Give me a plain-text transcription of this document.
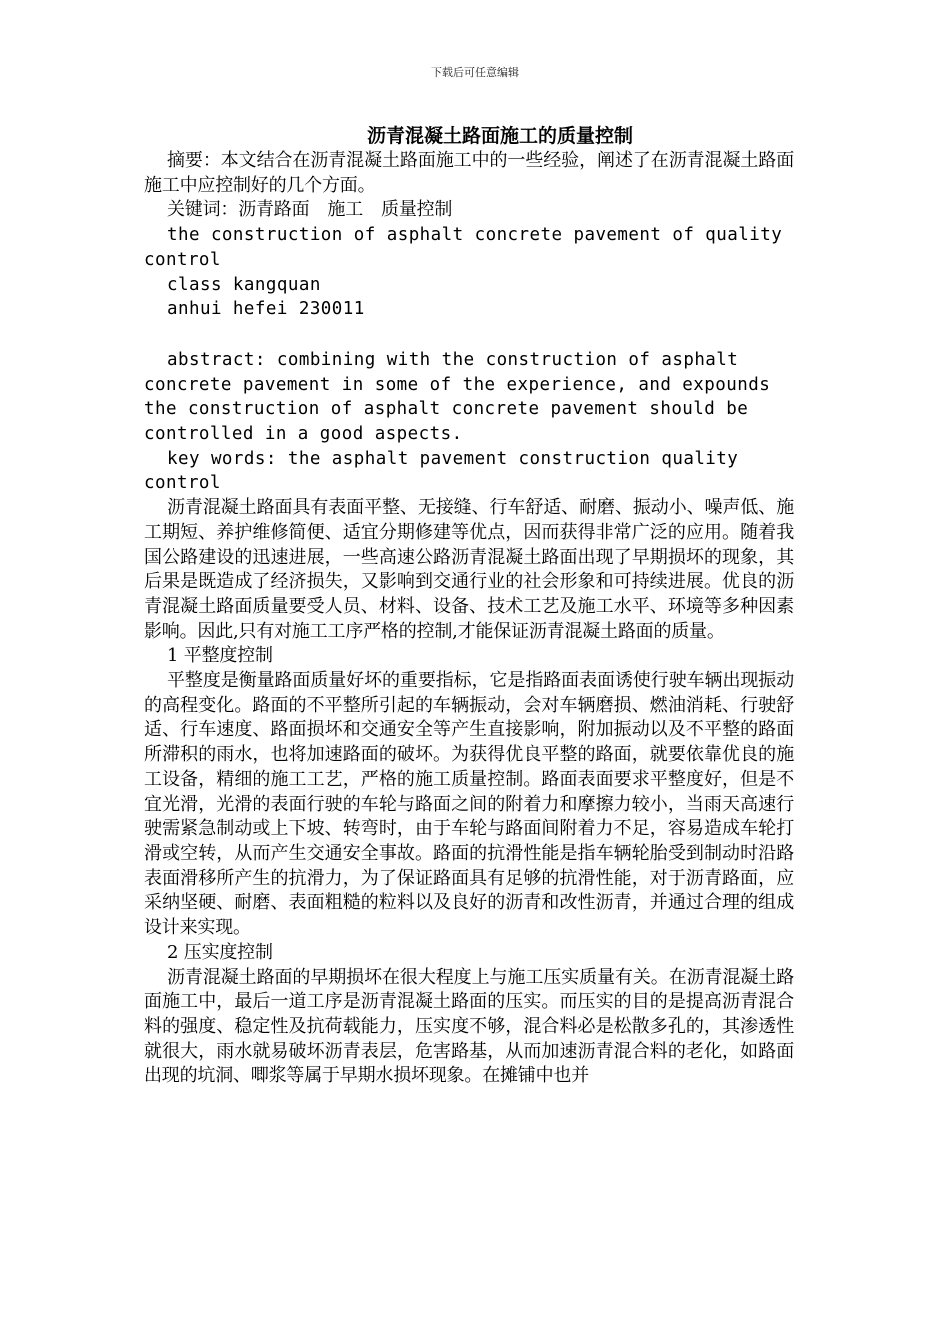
下载后可任意编辑
沥青混凝土路面施工的质量控制

摘要：本文结合在沥青混凝土路面施工中的一些经验，阐述了在沥青混凝土路面施工中应控制好的几个方面。

关键词：沥青路面 施工 质量控制

the construction of asphalt concrete pavement of quality control

class kangquan

anhui hefei 230011

abstract: combining with the construction of asphalt concrete pavement in some of the experience, and expounds the construction of asphalt concrete pavement should be controlled in a good aspects.

key words: the asphalt pavement construction quality control

沥青混凝土路面具有表面平整、无接缝、行车舒适、耐磨、振动小、噪声低、施工期短、养护维修简便、适宜分期修建等优点，因而获得非常广泛的应用。随着我国公路建设的迅速进展，一些高速公路沥青混凝土路面出现了早期损坏的现象，其后果是既造成了经济损失，又影响到交通行业的社会形象和可持续进展。优良的沥青混凝土路面质量要受人员、材料、设备、技术工艺及施工水平、环境等多种因素影响。因此,只有对施工工序严格的控制,才能保证沥青混凝土路面的质量。

1 平整度控制

平整度是衡量路面质量好坏的重要指标，它是指路面表面诱使行驶车辆出现振动的高程变化。路面的不平整所引起的车辆振动，会对车辆磨损、燃油消耗、行驶舒适、行车速度、路面损坏和交通安全等产生直接影响，附加振动以及不平整的路面所滞积的雨水，也将加速路面的破坏。为获得优良平整的路面，就要依靠优良的施工设备，精细的施工工艺，严格的施工质量控制。路面表面要求平整度好，但是不宜光滑，光滑的表面行驶的车轮与路面之间的附着力和摩擦力较小，当雨天高速行驶需紧急制动或上下坡、转弯时，由于车轮与路面间附着力不足，容易造成车轮打滑或空转，从而产生交通安全事故。路面的抗滑性能是指车辆轮胎受到制动时沿路表面滑移所产生的抗滑力，为了保证路面具有足够的抗滑性能，对于沥青路面，应采纳坚硬、耐磨、表面粗糙的粒料以及良好的沥青和改性沥青，并通过合理的组成设计来实现。

2 压实度控制

沥青混凝土路面的早期损坏在很大程度上与施工压实质量有关。在沥青混凝土路面施工中，最后一道工序是沥青混凝土路面的压实。而压实的目的是提高沥青混合料的强度、稳定性及抗荷载能力，压实度不够，混合料必是松散多孔的，其渗透性就很大，雨水就易破坏沥青表层，危害路基，从而加速沥青混合料的老化，如路面出现的坑洞、唧浆等属于早期水损坏现象。在摊铺中也并
